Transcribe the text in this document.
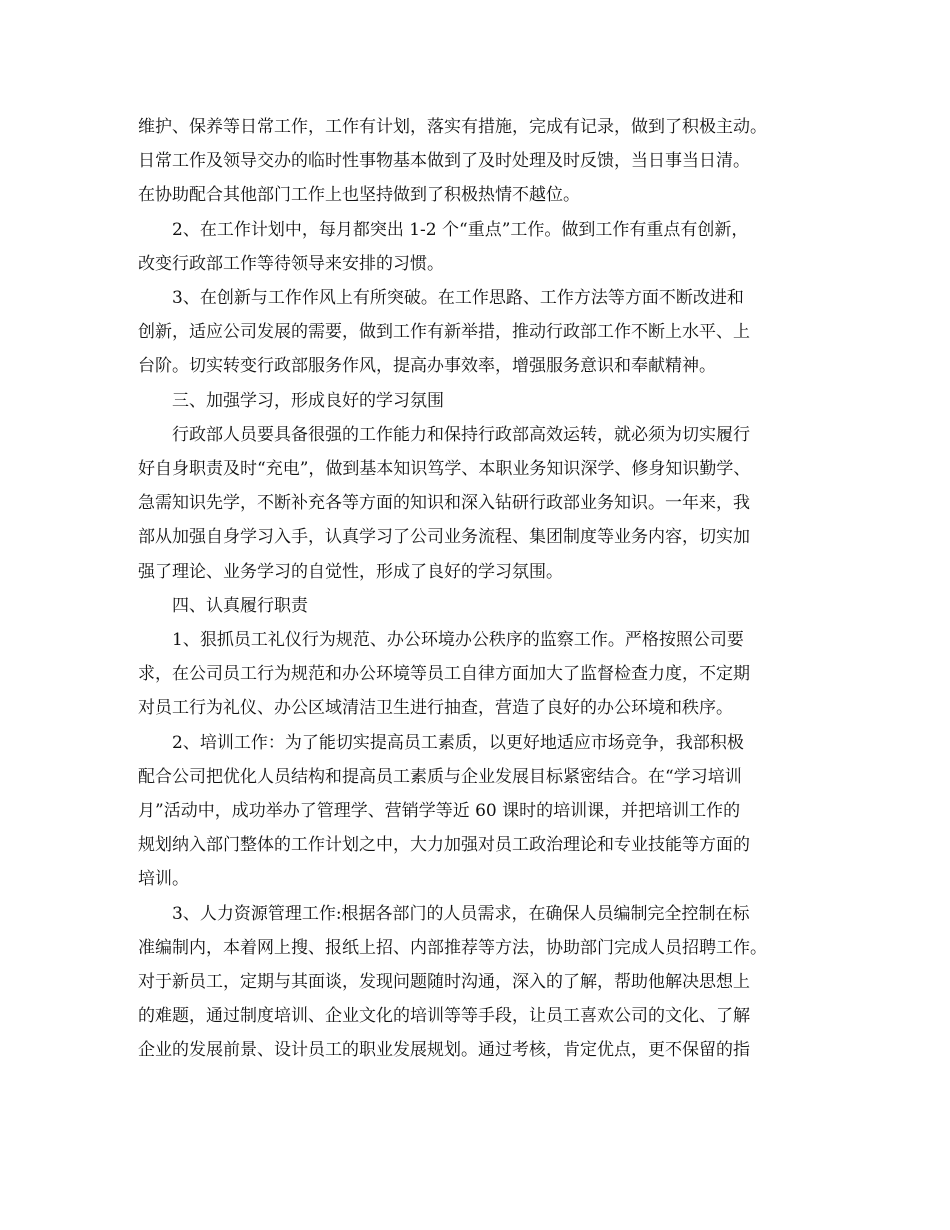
维护、保养等日常工作，工作有计划，落实有措施，完成有记录，做到了积极主动。
日常工作及领导交办的临时性事物基本做到了及时处理及时反馈，当日事当日清。
在协助配合其他部门工作上也坚持做到了积极热情不越位。
2、在工作计划中，每月都突出 1-2 个“重点”工作。做到工作有重点有创新，
改变行政部工作等待领导来安排的习惯。
3、在创新与工作作风上有所突破。在工作思路、工作方法等方面不断改进和
创新，适应公司发展的需要，做到工作有新举措，推动行政部工作不断上水平、上
台阶。切实转变行政部服务作风，提高办事效率，增强服务意识和奉献精神。
三、加强学习，形成良好的学习氛围
行政部人员要具备很强的工作能力和保持行政部高效运转，就必须为切实履行
好自身职责及时“充电”，做到基本知识笃学、本职业务知识深学、修身知识勤学、
急需知识先学，不断补充各等方面的知识和深入钻研行政部业务知识。一年来，我
部从加强自身学习入手，认真学习了公司业务流程、集团制度等业务内容，切实加
强了理论、业务学习的自觉性，形成了良好的学习氛围。
四、认真履行职责
1、狠抓员工礼仪行为规范、办公环境办公秩序的监察工作。严格按照公司要
求，在公司员工行为规范和办公环境等员工自律方面加大了监督检查力度，不定期
对员工行为礼仪、办公区域清洁卫生进行抽查，营造了良好的办公环境和秩序。
2、培训工作：为了能切实提高员工素质，以更好地适应市场竞争，我部积极
配合公司把优化人员结构和提高员工素质与企业发展目标紧密结合。在“学习培训
月”活动中，成功举办了管理学、营销学等近 60 课时的培训课，并把培训工作的
规划纳入部门整体的工作计划之中，大力加强对员工政治理论和专业技能等方面的
培训。
3、人力资源管理工作:根据各部门的人员需求，在确保人员编制完全控制在标
准编制内，本着网上搜、报纸上招、内部推荐等方法，协助部门完成人员招聘工作。
对于新员工，定期与其面谈，发现问题随时沟通，深入的了解，帮助他解决思想上
的难题，通过制度培训、企业文化的培训等等手段，让员工喜欢公司的文化、了解
企业的发展前景、设计员工的职业发展规划。通过考核，肯定优点，更不保留的指
